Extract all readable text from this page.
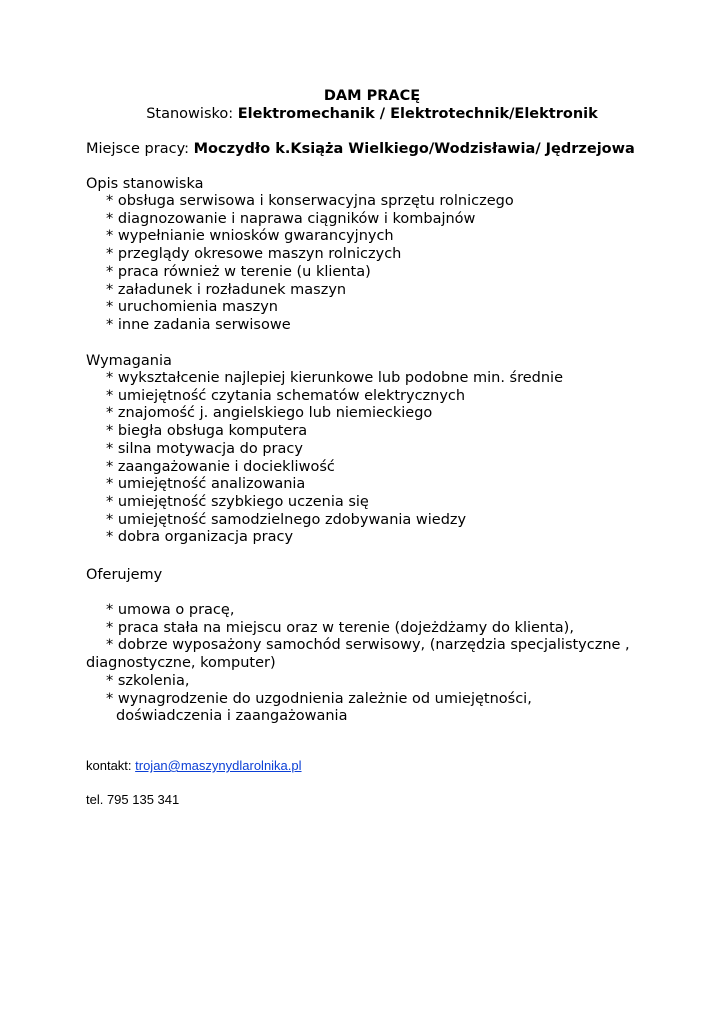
DAM PRACĘ
Stanowisko: Elektromechanik / Elektrotechnik/Elektronik
Miejsce pracy: Moczydło k.Książa Wielkiego/Wodzisławia/ Jędrzejowa
Opis stanowiska
* obsługa serwisowa i konserwacyjna sprzętu rolniczego
* diagnozowanie i naprawa ciągników i kombajnów
* wypełnianie wniosków gwarancyjnych
* przeglądy okresowe maszyn rolniczych
* praca również w terenie (u klienta)
* załadunek i rozładunek maszyn
* uruchomienia maszyn
* inne zadania serwisowe
Wymagania
* wykształcenie najlepiej kierunkowe lub podobne min. średnie
* umiejętność czytania schematów elektrycznych
* znajomość j. angielskiego lub niemieckiego
* biegła obsługa komputera
* silna motywacja do pracy
* zaangażowanie i dociekliwość
* umiejętność analizowania
* umiejętność szybkiego uczenia się
* umiejętność samodzielnego zdobywania wiedzy
* dobra organizacja pracy
Oferujemy
* umowa o pracę,
* praca stała na miejscu oraz w terenie (dojeżdżamy do klienta),
* dobrze wyposażony samochód serwisowy, (narzędzia specjalistyczne , diagnostyczne, komputer)
* szkolenia,
* wynagrodzenie do uzgodnienia zależnie od umiejętności,
doświadczenia i zaangażowania
kontakt: trojan@maszynydlarolnika.pl
tel. 795 135 341
